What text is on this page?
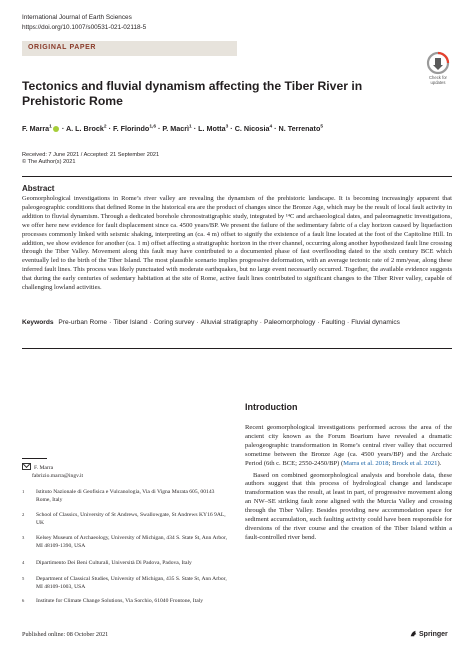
International Journal of Earth Sciences
https://doi.org/10.1007/s00531-021-02118-5
ORIGINAL PAPER
Check for
updates
Tectonics and fluvial dynamism affecting the Tiber River in Prehistoric Rome
F. Marra$^1$ · A. L. Brock$^2$ · F. Florindo$^{1,6}$ · P. Macrì$^1$ · L. Motta$^3$ · C. Nicosia$^4$ · N. Terrenato$^5$
Received: 7 June 2021 / Accepted: 21 September 2021
© The Author(s) 2021
Abstract
Geomorphological investigations in Rome’s river valley are revealing the dynamism of the prehistoric landscape. It is becoming increasingly apparent that paleogeographic conditions that defined Rome in the historical era are the product of changes since the Bronze Age, which may be the result of local fault activity in addition to fluvial dynamism. Through a dedicated borehole chronostratigraphic study, integrated by ¹⁴C and archaeological dates, and paleomagnetic investigations, we offer here new evidence for fault displacement since ca. 4500 years/BP. We present the failure of the sedimentary fabric of a clay horizon caused by liquefaction processes commonly linked with seismic shaking, interpreting an (ca. 4 m) offset to signify the existence of a fault line located at the foot of the Capitoline Hill. In addition, we show evidence for another (ca. 1 m) offset affecting a stratigraphic horizon in the river channel, occurring along another hypothesized fault line crossing through the Tiber Valley. Movement along this fault may have contributed to a documented phase of fast overflooding dated to the sixth century BCE which eventually led to the birth of the Tiber Island. The most plausible scenario implies progressive deformation, with an average tectonic rate of 2 mm/year, along these inferred fault lines. This process was likely punctuated with moderate earthquakes, but no large event necessarily occurred. Together, the available evidence suggests that during the early centuries of sedentary habitation at the site of Rome, active fault lines contributed to significant changes to the Tiber River valley, capable of challenging lowland activities.
Keywords Pre-urban Rome · Tiber Island · Coring survey · Alluvial stratigraphy · Paleomorphology · Faulting · Fluvial dynamics
Introduction

Recent geomorphological investigations performed across the area of the ancient city known as the Forum Boarium have revealed a dramatic paleogeographic transformation in Rome’s central river valley that occurred sometime between the Bronze Age (ca. 4500 years/BP) and the Archaic Period (6th c. BCE; 2550-2450/BP) (Marra et al. 2018; Brock et al. 2021).

Based on combined geomorphological analysis and borehole data, these authors suggest that this process of hydrological change and landscape transformation was the result, at least in part, of progressive movement along an NW–SE striking fault zone aligned with the Murcia Valley and crossing through the Tiber Valley. Besides providing new accommodation space for sediment accumulation, such faulting activity could have been responsible for diversions of the river course and the creation of the Tiber Island within a fault-controlled river bend.

F. Marra
fabrizio.marra@ingv.it
1 Istituto Nazionale di Geofisica e Vulcanologia, Via di Vigna Murata 605, 00143 Rome, Italy
2 School of Classics, University of St Andrews, Swallowgate, St Andrews KY16 9AL, UK
3 Kelsey Museum of Archaeology, University of Michigan, 434 S. State St, Ann Arbor, MI 48109-1390, USA
4 Dipartimento Dei Beni Culturali, Università Di Padova, Padova, Italy
5 Department of Classical Studies, University of Michigan, 435 S. State St, Ann Arbor, MI 48109-1003, USA
6 Institute for Climate Change Solutions, Via Sorchio, 61040 Frontone, Italy
Published online: 08 October 2021	Springer
